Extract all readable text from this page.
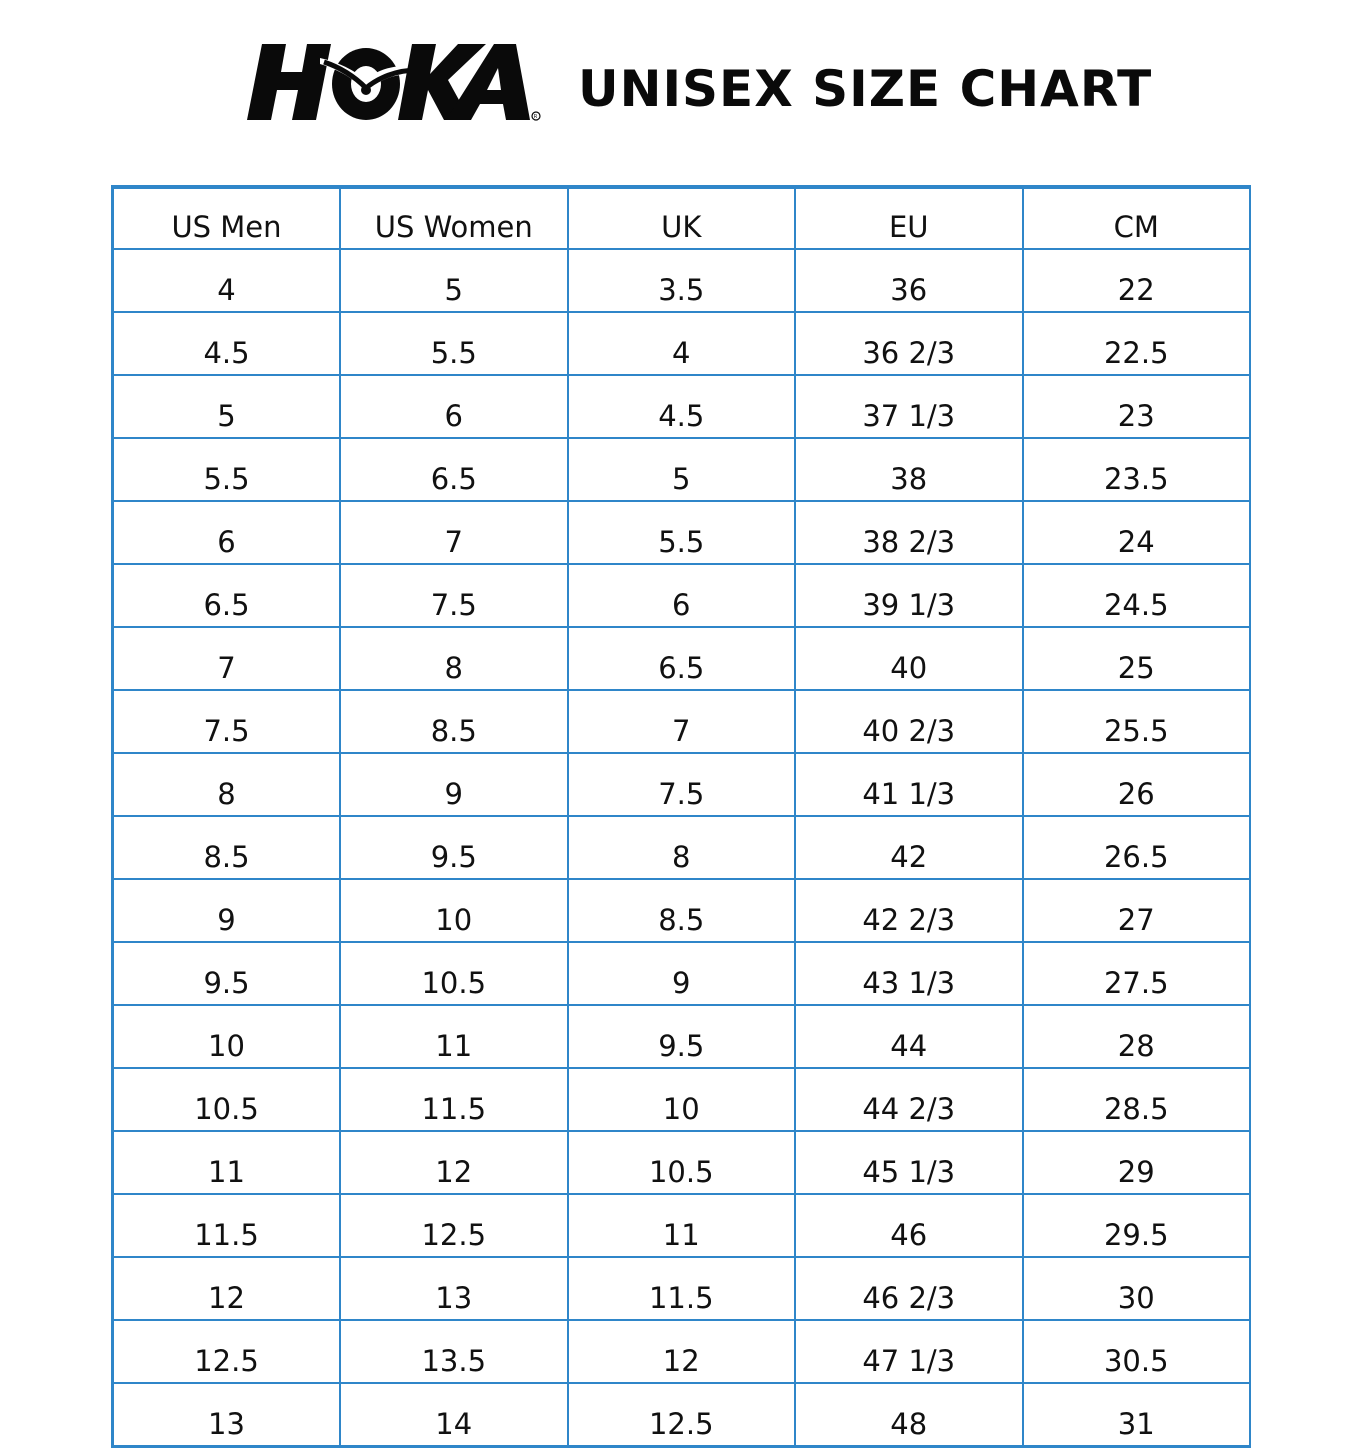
R UNISEX SIZE CHART
US Men	US Women	UK	EU	CM
4	5	3.5	36	22
4.5	5.5	4	36 2/3	22.5
5	6	4.5	37 1/3	23
5.5	6.5	5	38	23.5
6	7	5.5	38 2/3	24
6.5	7.5	6	39 1/3	24.5
7	8	6.5	40	25
7.5	8.5	7	40 2/3	25.5
8	9	7.5	41 1/3	26
8.5	9.5	8	42	26.5
9	10	8.5	42 2/3	27
9.5	10.5	9	43 1/3	27.5
10	11	9.5	44	28
10.5	11.5	10	44 2/3	28.5
11	12	10.5	45 1/3	29
11.5	12.5	11	46	29.5
12	13	11.5	46 2/3	30
12.5	13.5	12	47 1/3	30.5
13	14	12.5	48	31
